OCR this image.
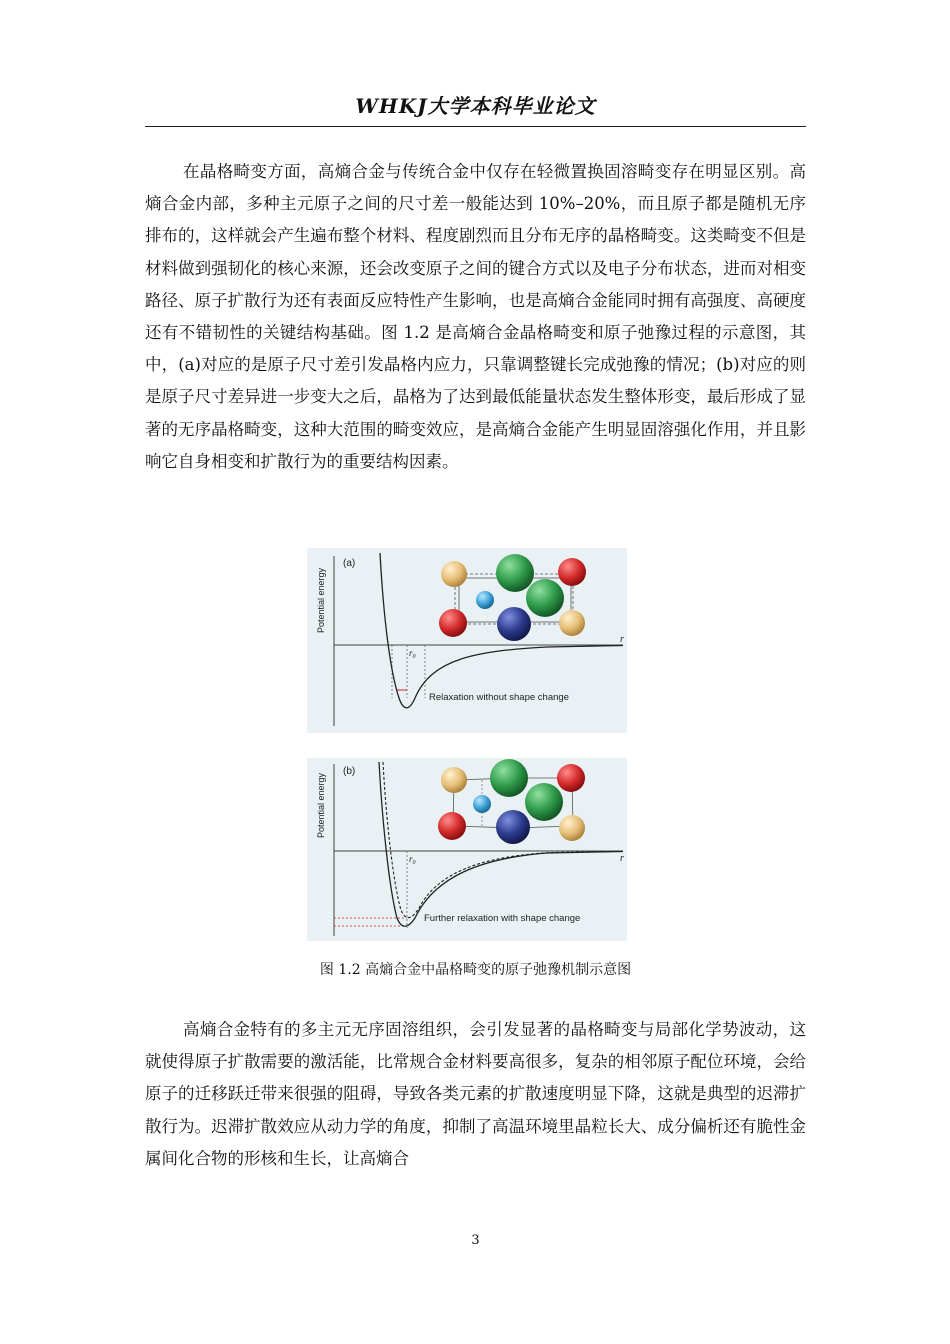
WHKJ大学本科毕业论文

在晶格畸变方面，高熵合金与传统合金中仅存在轻微置换固溶畸变存在明显区别。高熵合金内部，多种主元原子之间的尺寸差一般能达到 10%–20%，而且原子都是随机无序排布的，这样就会产生遍布整个材料、程度剧烈而且分布无序的晶格畸变。这类畸变不但是材料做到强韧化的核心来源，还会改变原子之间的键合方式以及电子分布状态，进而对相变路径、原子扩散行为还有表面反应特性产生影响，也是高熵合金能同时拥有高强度、高硬度还有不错韧性的关键结构基础。图 1.2 是高熵合金晶格畸变和原子弛豫过程的示意图，其中，(a)对应的是原子尺寸差引发晶格内应力，只靠调整键长完成弛豫的情况；(b)对应的则是原子尺寸差异进一步变大之后，晶格为了达到最低能量状态发生整体形变，最后形成了显著的无序晶格畸变，这种大范围的畸变效应，是高熵合金能产生明显固溶强化作用，并且影响它自身相变和扩散行为的重要结构因素。

Potential energy
(a)
r
$r_0$
Relaxation without shape change
Potential energy
(b)
r
$r_0$
Further relaxation with shape change
图 1.2 高熵合金中晶格畸变的原子弛豫机制示意图

高熵合金特有的多主元无序固溶组织，会引发显著的晶格畸变与局部化学势波动，这就使得原子扩散需要的激活能，比常规合金材料要高很多，复杂的相邻原子配位环境，会给原子的迁移跃迁带来很强的阻碍，导致各类元素的扩散速度明显下降，这就是典型的迟滞扩散行为。迟滞扩散效应从动力学的角度，抑制了高温环境里晶粒长大、成分偏析还有脆性金属间化合物的形核和生长，让高熵合

3
